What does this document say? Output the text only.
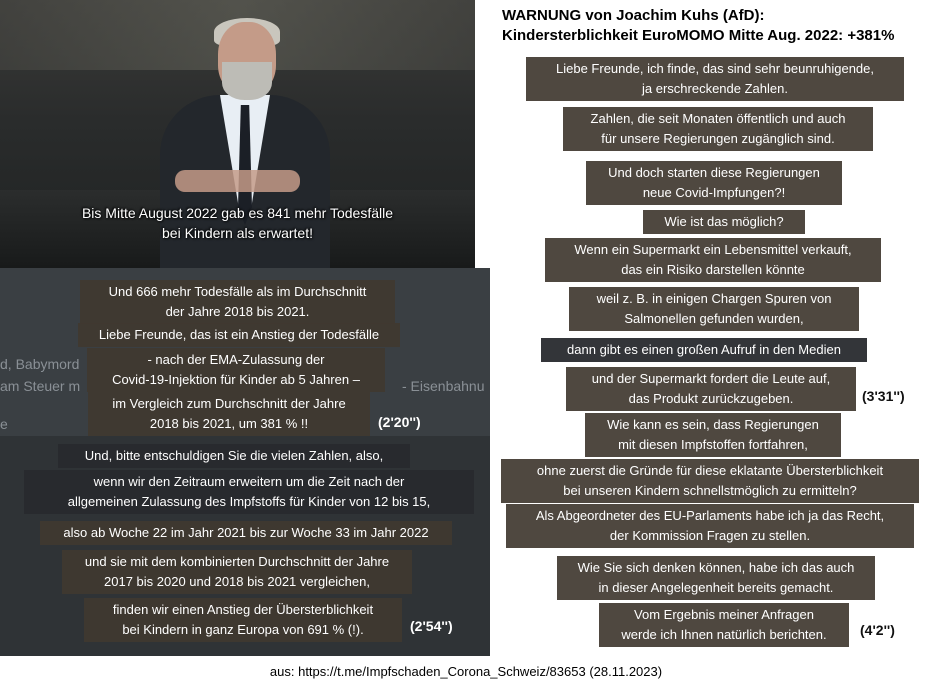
Bis Mitte August 2022 gab es 841 mehr Todesfälle
bei Kindern als erwartet!
d, Babymord
am Steuer m	- Eisenbahnu
e
WARNUNG von Joachim Kuhs (AfD):
Kindersterblichkeit EuroMOMO Mitte Aug. 2022: +381%
Und 666 mehr Todesfälle als im Durchschnitt
der Jahre 2018 bis 2021.
Liebe Freunde, das ist ein Anstieg der Todesfälle
- nach der EMA-Zulassung der
Covid-19-Injektion für Kinder ab 5 Jahren –
im Vergleich zum Durchschnitt der Jahre
2018 bis 2021, um 381 % !!	(2'20'')
Und, bitte entschuldigen Sie die vielen Zahlen, also,
wenn wir den Zeitraum erweitern um die Zeit nach der
allgemeinen Zulassung des Impfstoffs für Kinder von 12 bis 15,
also ab Woche 22 im Jahr 2021 bis zur Woche 33 im Jahr 2022
und sie mit dem kombinierten Durchschnitt der Jahre
2017 bis 2020 und 2018 bis 2021 vergleichen,
finden wir einen Anstieg der Übersterblichkeit
bei Kindern in ganz Europa von 691 % (!).	(2'54'')
Liebe Freunde, ich finde, das sind sehr beunruhigende,
ja erschreckende Zahlen.
Zahlen, die seit Monaten öffentlich und auch
für unsere Regierungen zugänglich sind.
Und doch starten diese Regierungen
neue Covid-Impfungen?!
Wie ist das möglich?
Wenn ein Supermarkt ein Lebensmittel verkauft,
das ein Risiko darstellen könnte
weil z. B. in einigen Chargen Spuren von
Salmonellen gefunden wurden,
dann gibt es einen großen Aufruf in den Medien
und der Supermarkt fordert die Leute auf,
das Produkt zurückzugeben.	(3'31'')
Wie kann es sein, dass Regierungen
mit diesen Impfstoffen fortfahren,
ohne zuerst die Gründe für diese eklatante Übersterblichkeit
bei unseren Kindern schnellstmöglich zu ermitteln?
Als Abgeordneter des EU-Parlaments habe ich ja das Recht,
der Kommission Fragen zu stellen.
Wie Sie sich denken können, habe ich das auch
in dieser Angelegenheit bereits gemacht.
Vom Ergebnis meiner Anfragen
werde ich Ihnen natürlich berichten.	(4'2'')
aus: https://t.me/Impfschaden_Corona_Schweiz/83653 (28.11.2023)
